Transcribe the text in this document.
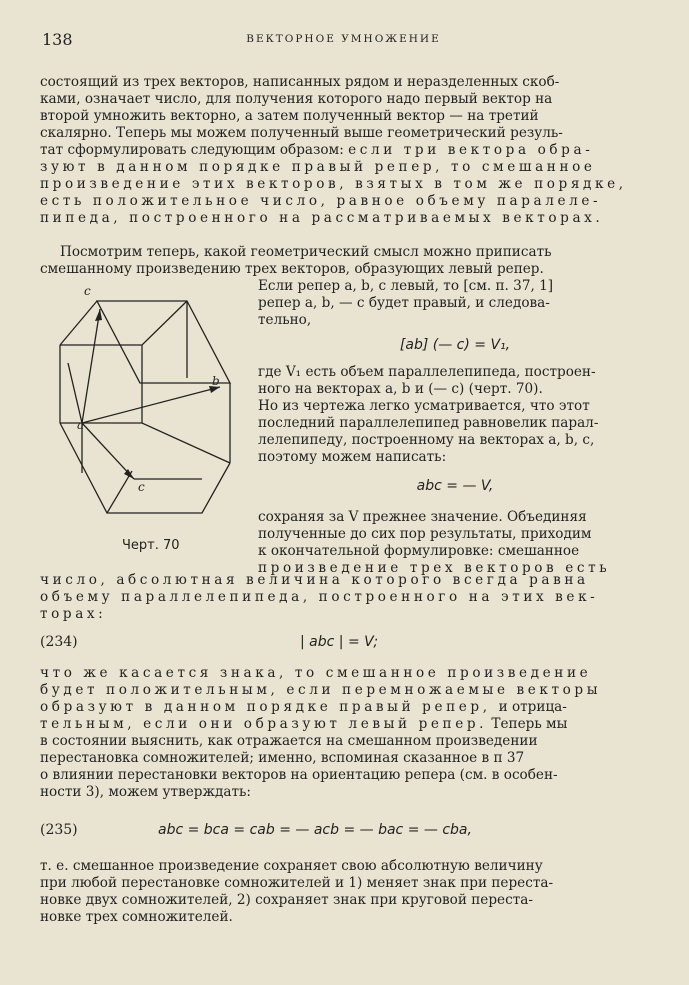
138	ВЕКТОРНОЕ УМНОЖЕНИЕ

состоящий из трех векторов, написанных рядом и неразделенных скоб-

ками, означает число, для получения которого надо первый вектор на

второй умножить векторно, а затем полученный вектор — на третий

скалярно. Теперь мы можем полученный выше геометрический резуль-

тат сформулировать следующим образом: если три вектора обра-

зуют в данном порядке правый репер, то смешанное

произведение этих векторов, взятых в том же порядке,

есть положительное число, равное объему паралеле-

пипеда, построенного на рассматриваемых векторах.

Посмотрим теперь, какой геометрический смысл можно приписать

смешанному произведению трех векторов, образующих левый репер.

c
b
a
c
Черт. 70

Если репер a, b, c левый, то [см. п. 37, 1]

репер a, b, — c будет правый, и следова-

тельно,

[ab] (— c) = V₁,

где V₁ есть объем параллелепипеда, построен-

ного на векторах a, b и (— c) (черт. 70).

Но из чертежа легко усматривается, что этот

последний параллелепипед равновелик парал-

лелепипеду, построенному на векторах a, b, c,

поэтому можем написать:

abc = — V,

сохраняя за V прежнее значение. Объединяя

полученные до сих пор результаты, приходим

к окончательной формулировке: смешанное

произведение трех векторов есть

число, абсолютная величина которого всегда равна

объему параллелепипеда, построенного на этих век-

торах:

(234)	| abc | = V;

что же касается знака, то смешанное произведение

будет положительным, если перемножаемые векторы

образуют в данном порядке правый репер, и отрица-

тельным, если они образуют левый репер. Теперь мы

в состоянии выяснить, как отражается на смешанном произведении

перестановка сомножителей; именно, вспоминая сказанное в п 37

о влиянии перестановки векторов на ориентацию репера (см. в особен-

ности 3), можем утверждать:

(235)	abc = bca = cab = — acb = — bac = — cba,

т. е. смешанное произведение сохраняет свою абсолютную величину

при любой перестановке сомножителей и 1) меняет знак при переста-

новке двух сомножителей, 2) сохраняет знак при круговой переста-

новке трех сомножителей.
